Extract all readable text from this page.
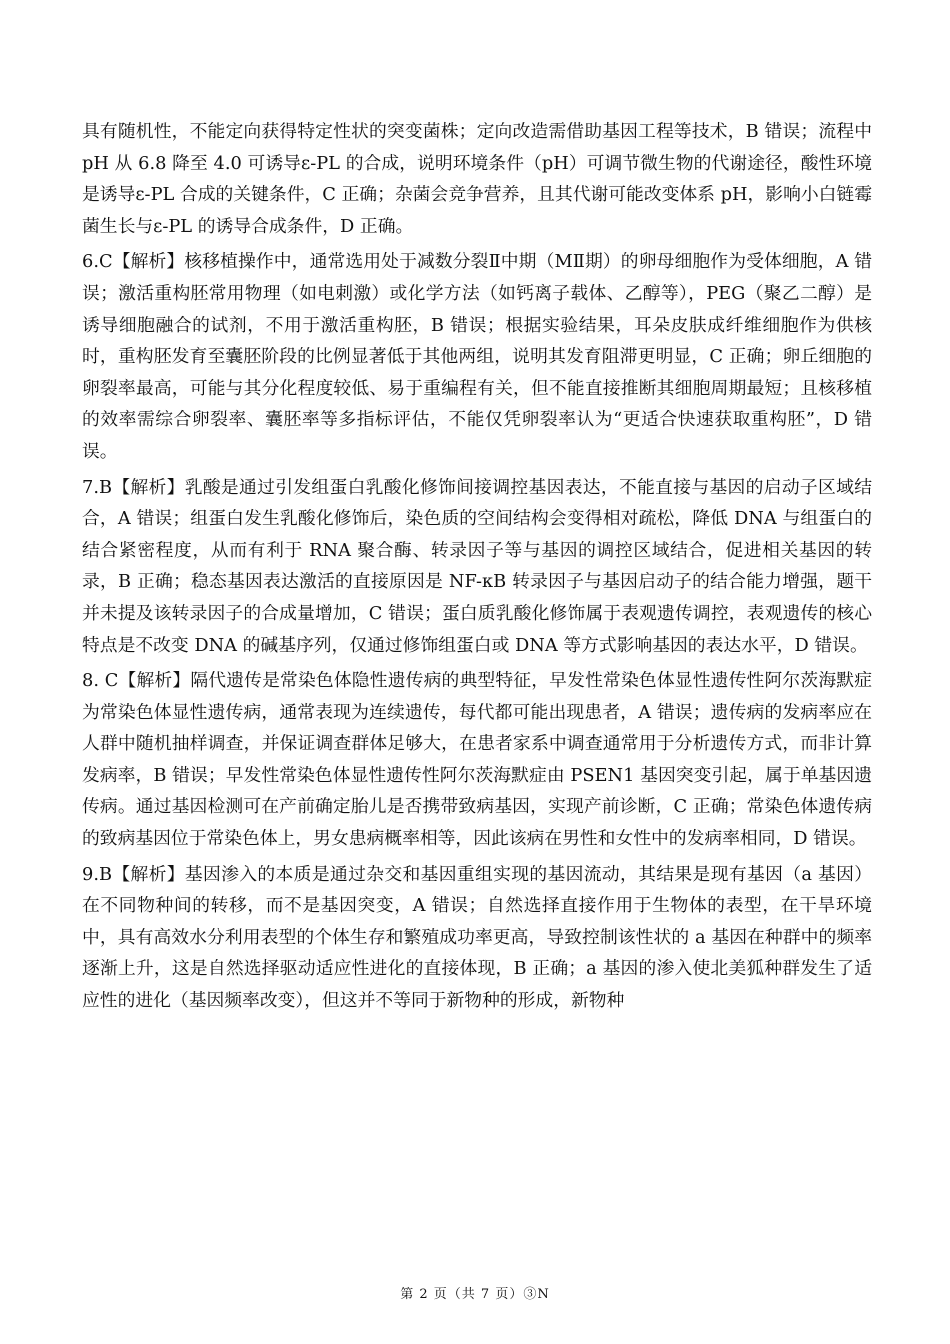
具有随机性，不能定向获得特定性状的突变菌株；定向改造需借助基因工程等技术，B 错误；流程中 pH 从 6.8 降至 4.0 可诱导ε-PL 的合成，说明环境条件（pH）可调节微生物的代谢途径，酸性环境是诱导ε-PL 合成的关键条件，C 正确；杂菌会竞争营养，且其代谢可能改变体系 pH，影响小白链霉菌生长与ε-PL 的诱导合成条件，D 正确。

6.C【解析】核移植操作中，通常选用处于减数分裂Ⅱ中期（MⅡ期）的卵母细胞作为受体细胞，A 错误；激活重构胚常用物理（如电刺激）或化学方法（如钙离子载体、乙醇等），PEG（聚乙二醇）是诱导细胞融合的试剂，不用于激活重构胚，B 错误；根据实验结果，耳朵皮肤成纤维细胞作为供核时，重构胚发育至囊胚阶段的比例显著低于其他两组，说明其发育阻滞更明显，C 正确；卵丘细胞的卵裂率最高，可能与其分化程度较低、易于重编程有关，但不能直接推断其细胞周期最短；且核移植的效率需综合卵裂率、囊胚率等多指标评估，不能仅凭卵裂率认为“更适合快速获取重构胚”，D 错误。

7.B【解析】乳酸是通过引发组蛋白乳酸化修饰间接调控基因表达，不能直接与基因的启动子区域结合，A 错误；组蛋白发生乳酸化修饰后，染色质的空间结构会变得相对疏松，降低 DNA 与组蛋白的结合紧密程度，从而有利于 RNA 聚合酶、转录因子等与基因的调控区域结合，促进相关基因的转录，B 正确；稳态基因表达激活的直接原因是 NF-κB 转录因子与基因启动子的结合能力增强，题干并未提及该转录因子的合成量增加，C 错误；蛋白质乳酸化修饰属于表观遗传调控，表观遗传的核心特点是不改变 DNA 的碱基序列，仅通过修饰组蛋白或 DNA 等方式影响基因的表达水平，D 错误。

8. C【解析】隔代遗传是常染色体隐性遗传病的典型特征，早发性常染色体显性遗传性阿尔茨海默症为常染色体显性遗传病，通常表现为连续遗传，每代都可能出现患者，A 错误；遗传病的发病率应在人群中随机抽样调查，并保证调查群体足够大，在患者家系中调查通常用于分析遗传方式，而非计算发病率，B 错误；早发性常染色体显性遗传性阿尔茨海默症由 PSEN1 基因突变引起，属于单基因遗传病。通过基因检测可在产前确定胎儿是否携带致病基因，实现产前诊断，C 正确；常染色体遗传病的致病基因位于常染色体上，男女患病概率相等，因此该病在男性和女性中的发病率相同，D 错误。

9.B【解析】基因渗入的本质是通过杂交和基因重组实现的基因流动，其结果是现有基因（a 基因）在不同物种间的转移，而不是基因突变，A 错误；自然选择直接作用于生物体的表型，在干旱环境中，具有高效水分利用表型的个体生存和繁殖成功率更高，导致控制该性状的 a 基因在种群中的频率逐渐上升，这是自然选择驱动适应性进化的直接体现，B 正确；a 基因的渗入使北美狐种群发生了适应性的进化（基因频率改变），但这并不等同于新物种的形成，新物种

第 2 页（共 7 页）③N
